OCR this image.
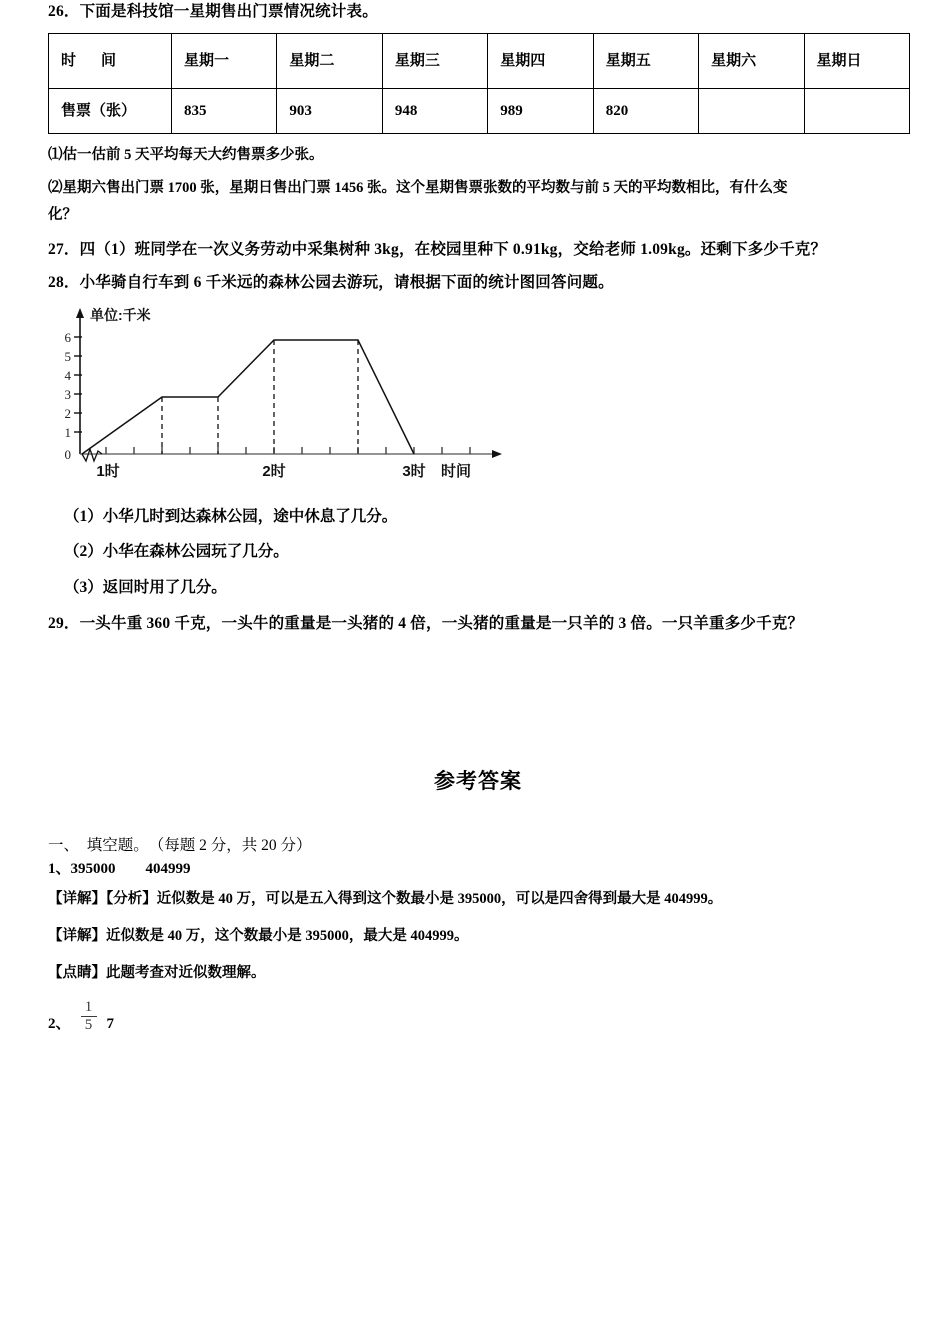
26．下面是科技馆一星期售出门票情况统计表。

时　间	星期一	星期二	星期三	星期四	星期五	星期六	星期日
售票（张）	835	903	948	989	820		

⑴估一估前 5 天平均每天大约售票多少张。

⑵星期六售出门票 1700 张，星期日售出门票 1456 张。这个星期售票张数的平均数与前 5 天的平均数相比，有什么变

化？

27．四（1）班同学在一次义务劳动中采集树种 3kg，在校园里种下 0.91kg，交给老师 1.09kg。还剩下多少千克？

28．小华骑自行车到 6 千米远的森林公园去游玩，请根据下面的统计图回答问题。

0
1
2
3
4
5
6
单位:千米
1时	2时	3时 时间

（1）小华几时到达森林公园，途中休息了几分。

（2）小华在森林公园玩了几分。

（3）返回时用了几分。

29．一头牛重 360 千克，一头牛的重量是一头猪的 4 倍，一头猪的重量是一只羊的 3 倍。一只羊重多少千克？

参考答案

一、　填空题。　（每题 2 分，共 20 分）

1、395000　　404999

【详解】【分析】近似数是 40 万，可以是五入得到这个数最小是 395000，可以是四舍得到最大是 404999。

【详解】近似数是 40 万，这个数最小是 395000，最大是 404999。

【点睛】此题考查对近似数理解。

2、 $\frac{1}{5} 7$
